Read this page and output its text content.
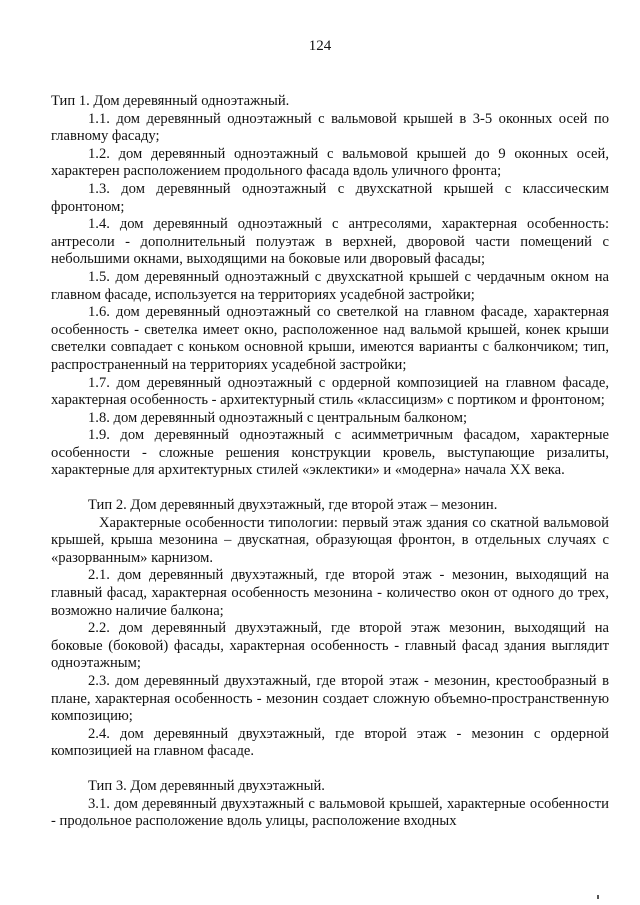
124

Тип 1. Дом деревянный одноэтажный.

1.1. дом деревянный одноэтажный с вальмовой крышей в 3-5 оконных осей по главному фасаду;

1.2. дом деревянный одноэтажный с вальмовой крышей до 9 оконных осей, характерен расположением продольного фасада вдоль уличного фронта;

1.3. дом деревянный одноэтажный с двухскатной крышей с классическим фронтоном;

1.4. дом деревянный одноэтажный с антресолями, характерная особенность: антресоли - дополнительный полуэтаж в верхней, дворовой части помещений с небольшими окнами, выходящими на боковые или дворовый фасады;

1.5. дом деревянный одноэтажный с двухскатной крышей с чердачным окном на главном фасаде, используется на территориях усадебной застройки;

1.6. дом деревянный одноэтажный со светелкой на главном фасаде, характерная особенность - светелка имеет окно, расположенное над вальмой крышей, конек крыши светелки совпадает с коньком основной крыши, имеются варианты с балкончиком; тип, распространенный на территориях усадебной застройки;

1.7. дом деревянный одноэтажный с ордерной композицией на главном фасаде, характерная особенность - архитектурный стиль «классицизм» с портиком и фронтоном;

1.8. дом деревянный одноэтажный с центральным балконом;

1.9. дом деревянный одноэтажный с асимметричным фасадом, характерные особенности - сложные решения конструкции кровель, выступающие ризалиты, характерные для архитектурных стилей «эклектики» и «модерна» начала XX века.

Тип 2. Дом деревянный двухэтажный, где второй этаж – мезонин.

Характерные особенности типологии: первый этаж здания со скатной вальмовой крышей, крыша мезонина – двускатная, образующая фронтон, в отдельных случаях с «разорванным» карнизом.

2.1. дом деревянный двухэтажный, где второй этаж - мезонин, выходящий на главный фасад, характерная особенность мезонина - количество окон от одного до трех, возможно наличие балкона;

2.2. дом деревянный двухэтажный, где второй этаж мезонин, выходящий на боковые (боковой) фасады, характерная особенность - главный фасад здания выглядит одноэтажным;

2.3. дом деревянный двухэтажный, где второй этаж - мезонин, крестообразный в плане, характерная особенность - мезонин создает сложную объемно-пространственную композицию;

2.4. дом деревянный двухэтажный, где второй этаж - мезонин с ордерной композицией на главном фасаде.

Тип 3. Дом деревянный двухэтажный.

3.1. дом деревянный двухэтажный с вальмовой крышей, характерные особенности - продольное расположение вдоль улицы, расположение входных
